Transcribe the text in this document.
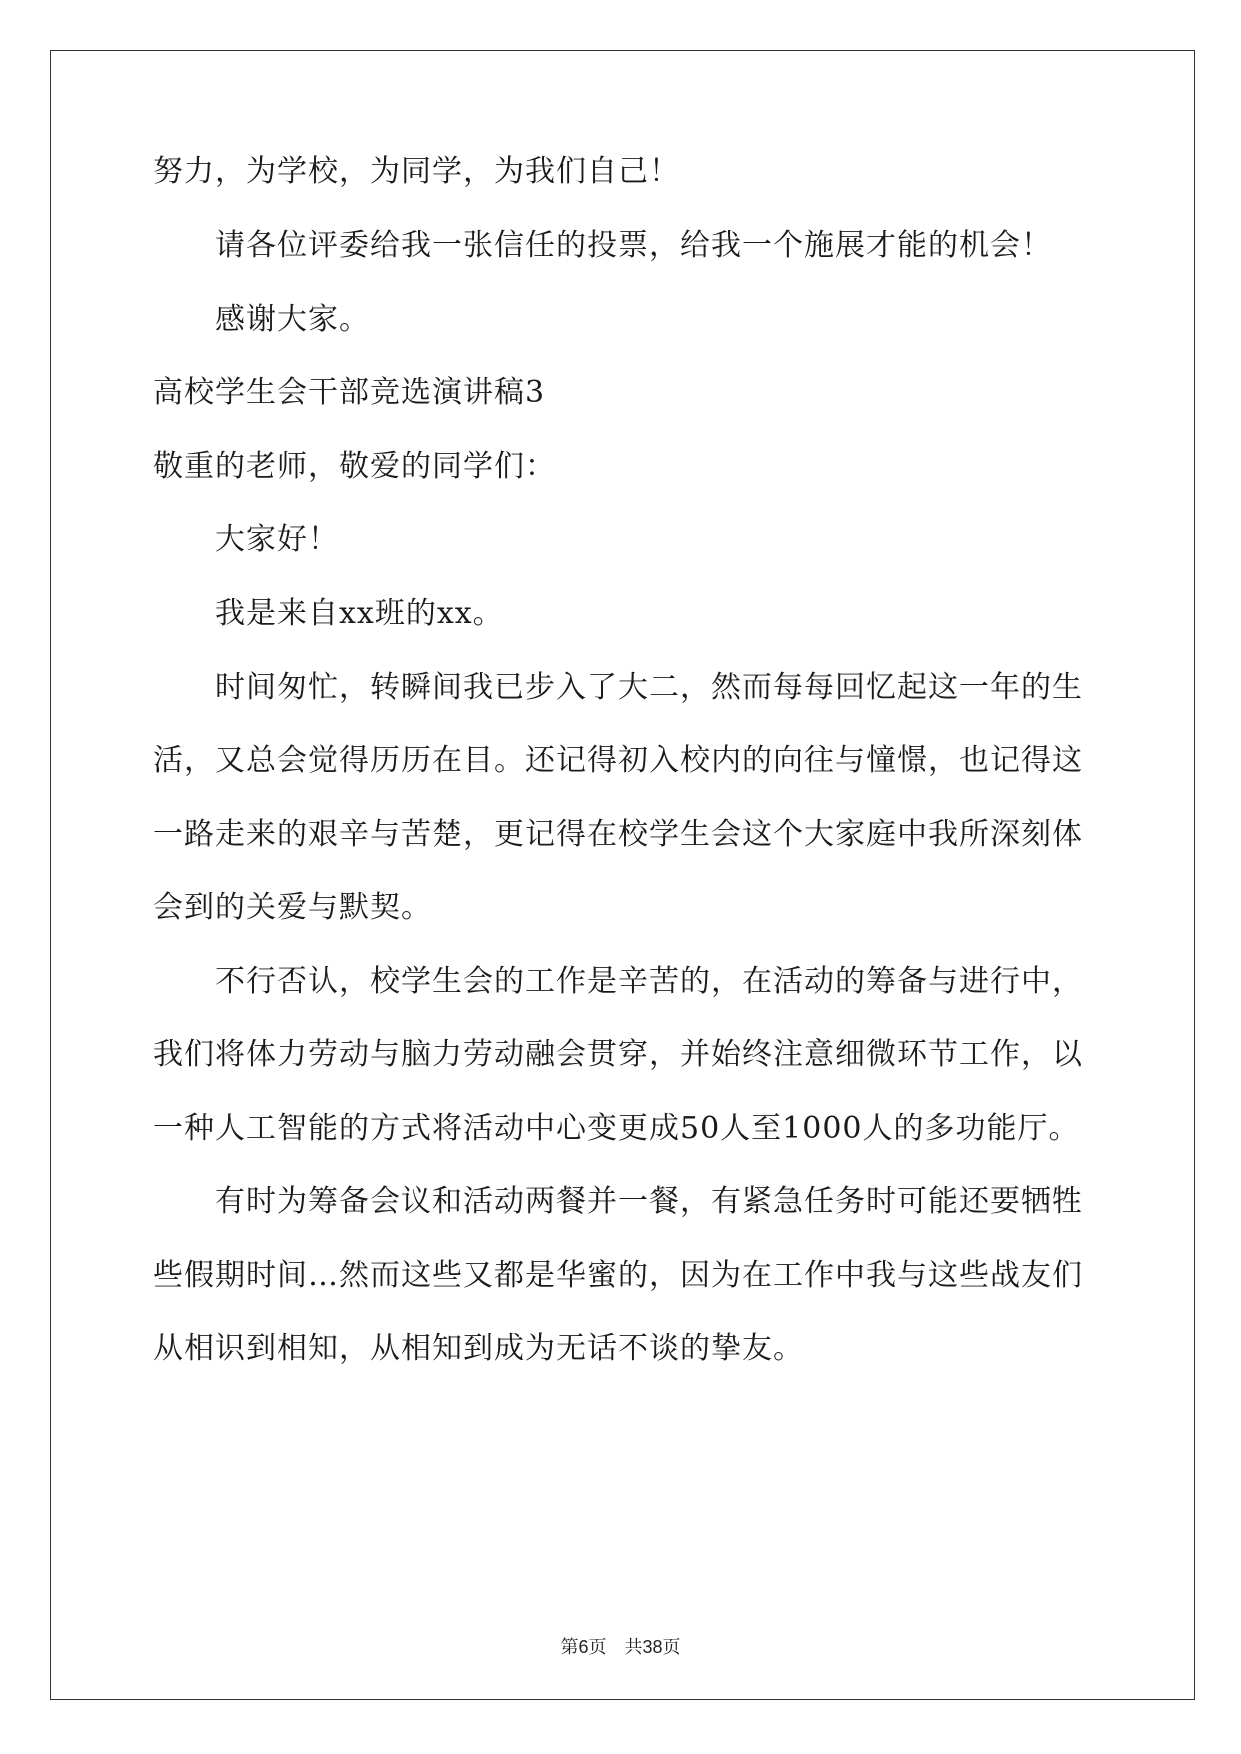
努力，为学校，为同学，为我们自己！
请各位评委给我一张信任的投票，给我一个施展才能的机会！
感谢大家。
高校学生会干部竞选演讲稿3
敬重的老师，敬爱的同学们：
大家好！
我是来自xx班的xx。
时间匆忙，转瞬间我已步入了大二，然而每每回忆起这一年的生
活，又总会觉得历历在目。还记得初入校内的向往与憧憬，也记得这
一路走来的艰辛与苦楚，更记得在校学生会这个大家庭中我所深刻体
会到的关爱与默契。
不行否认，校学生会的工作是辛苦的，在活动的筹备与进行中，
我们将体力劳动与脑力劳动融会贯穿，并始终注意细微环节工作，以
一种人工智能的方式将活动中心变更成50人至1000人的多功能厅。
有时为筹备会议和活动两餐并一餐，有紧急任务时可能还要牺牲
些假期时间…然而这些又都是华蜜的，因为在工作中我与这些战友们
从相识到相知，从相知到成为无话不谈的挚友。
第6页 共38页
